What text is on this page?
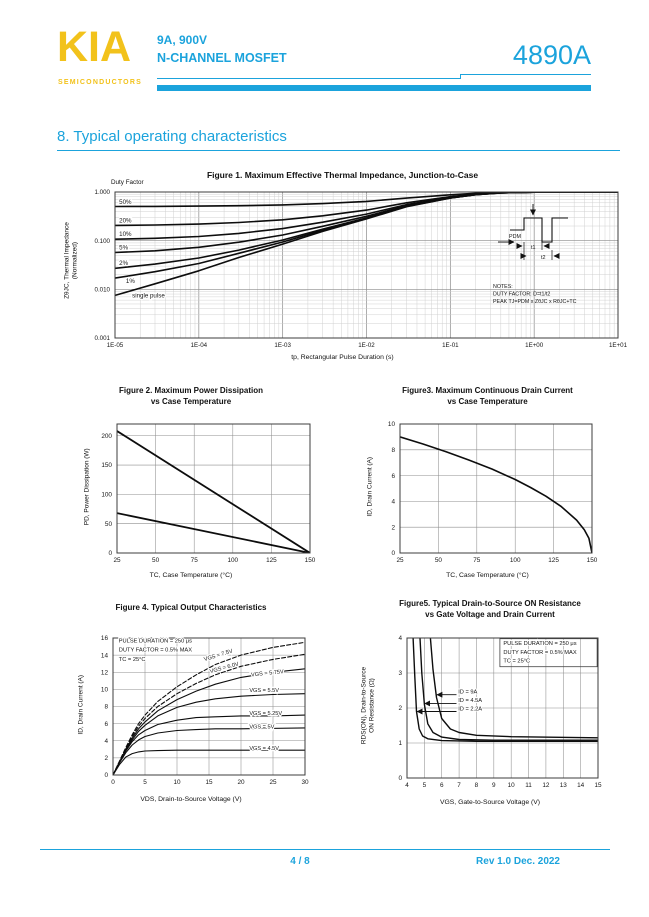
KIA
SEMICONDUCTORS
9A, 900V
N-CHANNEL MOSFET	4890A
8. Typical operating characteristics
Figure 1. Maximum Effective Thermal Impedance, Junction-to-Case
Duty Factor
1E-05	1E-04	1E-03	1E-02	1E-01	1E+00	1E+01
1.000
0.100
0.010
0.001
50%
20%
10%
5%
2%
1%
single pulse
NOTES:
DUTY FACTOR: D=t1/t2
PEAK TJ=PDM x ZθJC x RθJC+TC
PDM
t1
t2
tp, Rectangular Pulse Duration (s)
ZθJC, Thermal Impedance (Normalized)
Figure 2. Maximum Power Dissipation
vs Case Temperature
25	50	75	100	125	150
0
50
100
150
200
TC, Case Temperature (°C)
PD, Power Dissipation (W)
Figure3. Maximum Continuous Drain Current
vs Case Temperature
25	50	75	100	125	150
0
2
4
6
8
10
TC, Case Temperature (°C)
ID, Drain Current (A)
Figure 4. Typical Output Characteristics
0	5	10	15	20	25	30
0
2
4
6
8
10
12
14
16
VGS = 7.5V
VGS = 6.0V VGS = 5.75V
VGS = 5.5V
VGS = 5.25V
VGS = 5V
VGS = 4.5V
PULSE DURATION = 250 μs
DUTY FACTOR = 0.5% MAX
TC = 25°C
VDS, Drain-to-Source Voltage (V)
ID, Drain Current (A)
Figure5. Typical Drain-to-Source ON Resistance
vs Gate Voltage and Drain Current
4 5 6 7 8 9 10 11 12 13 14 15
0
1
2
3
4
PULSE DURATION = 250 μs
DUTY FACTOR = 0.5% MAX
TC = 25°C
ID = 9A
ID = 4.5A
ID = 2.2A
VGS, Gate-to-Source Voltage (V)
RDS(ON), Drain-to-Source ON Resistance (Ω)
4 / 8	Rev 1.0 Dec. 2022
